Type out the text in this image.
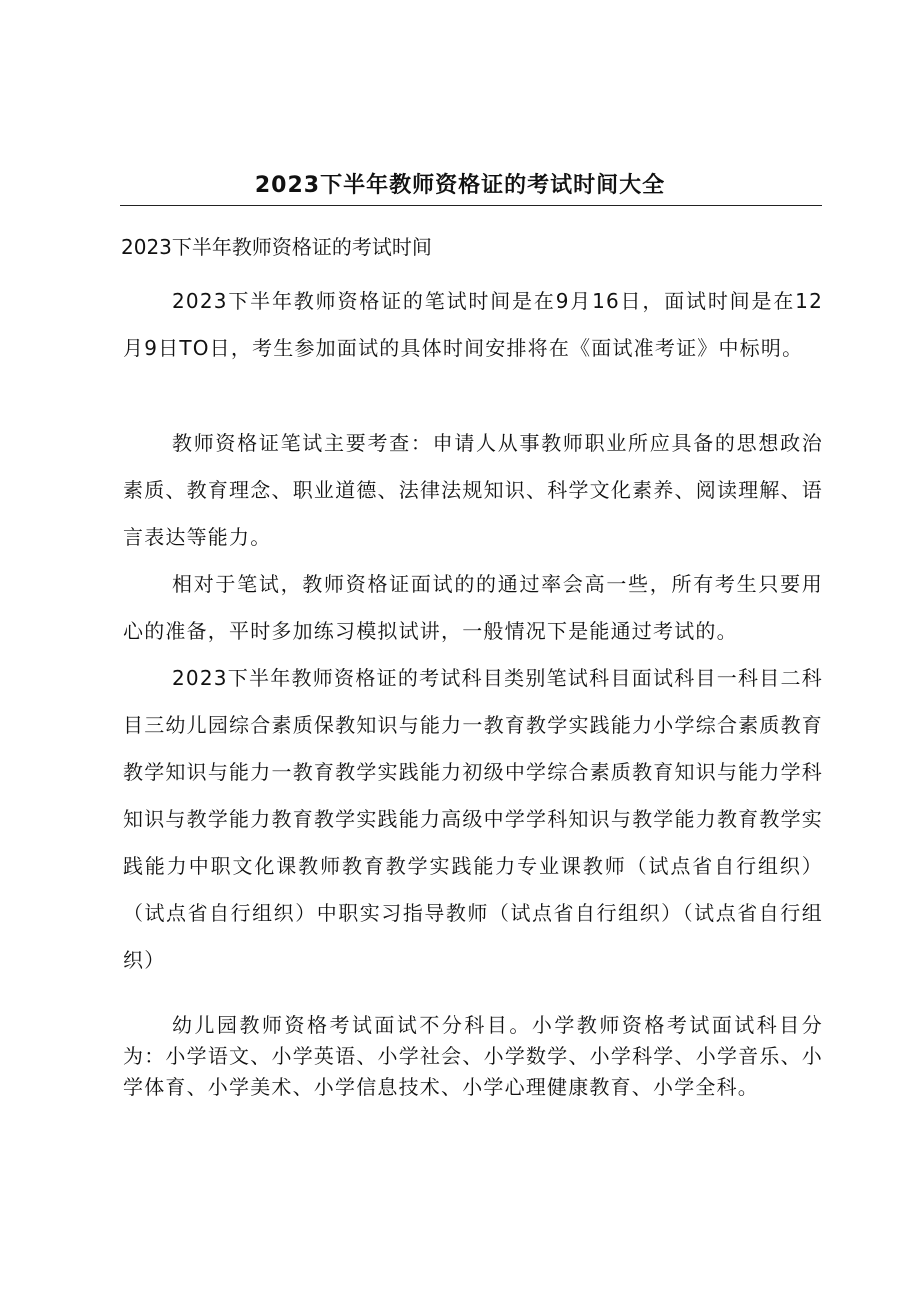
2023下半年教师资格证的考试时间大全
2023下半年教师资格证的考试时间
2023下半年教师资格证的笔试时间是在9月16日，面试时间是在12月9日TO日，考生参加面试的具体时间安排将在《面试准考证》中标明。
教师资格证笔试主要考查：申请人从事教师职业所应具备的思想政治素质、教育理念、职业道德、法律法规知识、科学文化素养、阅读理解、语言表达等能力。
相对于笔试，教师资格证面试的的通过率会高一些，所有考生只要用心的准备，平时多加练习模拟试讲，一般情况下是能通过考试的。
2023下半年教师资格证的考试科目类别笔试科目面试科目一科目二科目三幼儿园综合素质保教知识与能力一教育教学实践能力小学综合素质教育教学知识与能力一教育教学实践能力初级中学综合素质教育知识与能力学科知识与教学能力教育教学实践能力高级中学学科知识与教学能力教育教学实践能力中职文化课教师教育教学实践能力专业课教师（试点省自行组织）（试点省自行组织）中职实习指导教师（试点省自行组织）（试点省自行组织）
幼儿园教师资格考试面试不分科目。小学教师资格考试面试科目分为：小学语文、小学英语、小学社会、小学数学、小学科学、小学音乐、小学体育、小学美术、小学信息技术、小学心理健康教育、小学全科。
